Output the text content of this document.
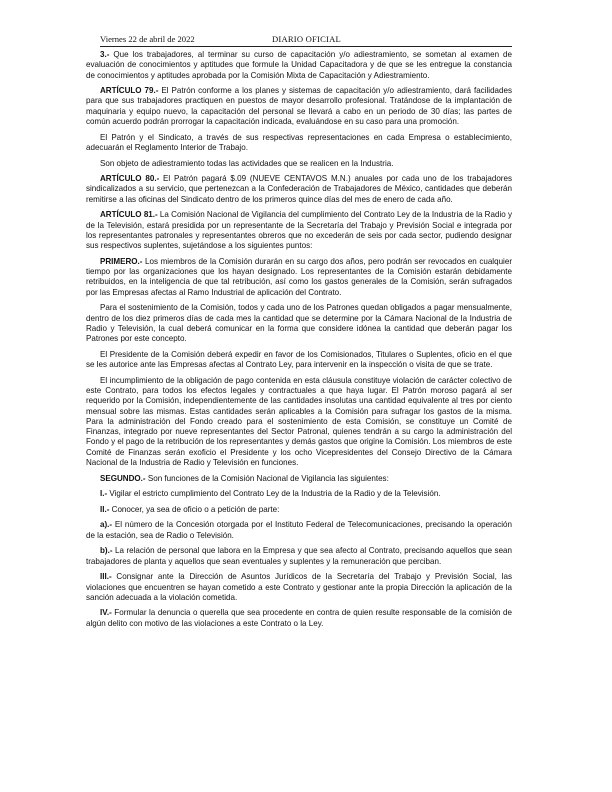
Viernes 22 de abril de 2022	DIARIO OFICIAL

3.- Que los trabajadores, al terminar su curso de capacitación y/o adiestramiento, se sometan al examen de evaluación de conocimientos y aptitudes que formule la Unidad Capacitadora y de que se les entregue la constancia de conocimientos y aptitudes aprobada por la Comisión Mixta de Capacitación y Adiestramiento.

ARTÍCULO 79.- El Patrón conforme a los planes y sistemas de capacitación y/o adiestramiento, dará facilidades para que sus trabajadores practiquen en puestos de mayor desarrollo profesional. Tratándose de la implantación de maquinaria y equipo nuevo, la capacitación del personal se llevará a cabo en un periodo de 30 días; las partes de común acuerdo podrán prorrogar la capacitación indicada, evaluándose en su caso para una promoción.

El Patrón y el Sindicato, a través de sus respectivas representaciones en cada Empresa o establecimiento, adecuarán el Reglamento Interior de Trabajo.

Son objeto de adiestramiento todas las actividades que se realicen en la Industria.

ARTÍCULO 80.- El Patrón pagará $.09 (NUEVE CENTAVOS M.N.) anuales por cada uno de los trabajadores sindicalizados a su servicio, que pertenezcan a la Confederación de Trabajadores de México, cantidades que deberán remitirse a las oficinas del Sindicato dentro de los primeros quince días del mes de enero de cada año.

ARTÍCULO 81.- La Comisión Nacional de Vigilancia del cumplimiento del Contrato Ley de la Industria de la Radio y de la Televisión, estará presidida por un representante de la Secretaría del Trabajo y Previsión Social e integrada por los representantes patronales y representantes obreros que no excederán de seis por cada sector, pudiendo designar sus respectivos suplentes, sujetándose a los siguientes puntos:

PRIMERO.- Los miembros de la Comisión durarán en su cargo dos años, pero podrán ser revocados en cualquier tiempo por las organizaciones que los hayan designado. Los representantes de la Comisión estarán debidamente retribuidos, en la inteligencia de que tal retribución, así como los gastos generales de la Comisión, serán sufragados por las Empresas afectas al Ramo Industrial de aplicación del Contrato.

Para el sostenimiento de la Comisión, todos y cada uno de los Patrones quedan obligados a pagar mensualmente, dentro de los diez primeros días de cada mes la cantidad que se determine por la Cámara Nacional de la Industria de Radio y Televisión, la cual deberá comunicar en la forma que considere idónea la cantidad que deberán pagar los Patrones por este concepto.

El Presidente de la Comisión deberá expedir en favor de los Comisionados, Titulares o Suplentes, oficio en el que se les autorice ante las Empresas afectas al Contrato Ley, para intervenir en la inspección o visita de que se trate.

El incumplimiento de la obligación de pago contenida en esta cláusula constituye violación de carácter colectivo de este Contrato, para todos los efectos legales y contractuales a que haya lugar. El Patrón moroso pagará al ser requerido por la Comisión, independientemente de las cantidades insolutas una cantidad equivalente al tres por ciento mensual sobre las mismas. Estas cantidades serán aplicables a la Comisión para sufragar los gastos de la misma. Para la administración del Fondo creado para el sostenimiento de esta Comisión, se constituye un Comité de Finanzas, integrado por nueve representantes del Sector Patronal, quienes tendrán a su cargo la administración del Fondo y el pago de la retribución de los representantes y demás gastos que origine la Comisión. Los miembros de este Comité de Finanzas serán exoficio el Presidente y los ocho Vicepresidentes del Consejo Directivo de la Cámara Nacional de la Industria de Radio y Televisión en funciones.

SEGUNDO.- Son funciones de la Comisión Nacional de Vigilancia las siguientes:

I.- Vigilar el estricto cumplimiento del Contrato Ley de la Industria de la Radio y de la Televisión.

II.- Conocer, ya sea de oficio o a petición de parte:

a).- El número de la Concesión otorgada por el Instituto Federal de Telecomunicaciones, precisando la operación de la estación, sea de Radio o Televisión.

b).- La relación de personal que labora en la Empresa y que sea afecto al Contrato, precisando aquellos que sean trabajadores de planta y aquellos que sean eventuales y suplentes y la remuneración que perciban.

III.- Consignar ante la Dirección de Asuntos Jurídicos de la Secretaría del Trabajo y Previsión Social, las violaciones que encuentren se hayan cometido a este Contrato y gestionar ante la propia Dirección la aplicación de la sanción adecuada a la violación cometida.

IV.- Formular la denuncia o querella que sea procedente en contra de quien resulte responsable de la comisión de algún delito con motivo de las violaciones a este Contrato o la Ley.
